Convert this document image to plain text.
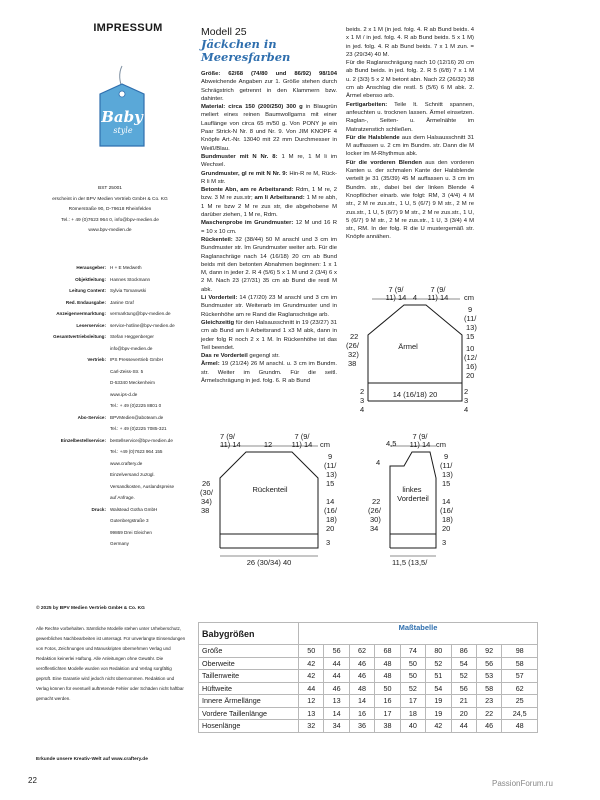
IMPRESSUM
Baby
style
BST 25001
erscheint in der BPV Medien Vertrieb GmbH & Co. KG
Römerstraße 90, D-79618 Rheinfelden
Tel.: + 49 (0)7623 964 0, info@bpv-medien.de
www.bpv-medien.de
Herausgeber: H + E Medweth
Objektleitung: Hannes Stockmann
Leitung Content: Sylvia Tomanwski
Red. Endausgabe: Janine Graf
Anzeigenvermarktung: vermarktung@bpv-medien.de
Leserservice: service-hotline@bpv-medien.de
Gesamtvertriebsleitung: Stefan Heggenberger
info@bpv-medien.de
Vertrieb: IPS Pressevertrieb GmbH
Carl-Zeiss-Str. 5
D-53340 Meckenheim
www.ips-d.de
Tel.: + 49 (0)2225 8801 0
Abo-Service: BPVMedien@aboteam.de
Tel.: + 49 (0)2225 7085-321
Einzelbestellservice: bestellservice@bpv-medien.de
Tel.: +49 (0)7623 964 155
www.craftery.de
Einzelversand zuzügl.
Versandkosten, Auslandspreise
auf Anfrage.
Druck: Walstead Gotha GmbH
Gutenbergstraße 3
99869 Drei Gleichen
Germany
© 2025 by BPV Medien Vertrieb GmbH & Co. KG
Alle Rechte vorbehalten. Sämtliche Modelle stehen unter Urheberschutz, gewerbliches Nachbearbeiten ist untersagt. Für unverlangte Einsendungen von Fotos, Zeichnungen und Manuskripten übernehmen Verlag und Redaktion keinerlei Haftung. Alle Anleitungen ohne Gewähr. Die veröffentlichten Modelle wurden von Redaktion und Verlag sorgfältig geprüft. Eine Garantie wird jedoch nicht übernommen. Redaktion und Verlag können für eventuell auftretende Fehler oder Schäden nicht haftbar gemacht werden.
Erkunde unsere Kreativ-Welt auf www.craftery.de
22
Modell 25
Jäckchen in Meeresfarben

Größe: 62/68 (74/80 und 86/92) 98/104 Abweichende Angaben zur 1. Größe stehen durch Schrägstrich getrennt in den Klammern bzw. dahinter.

Material: circa 150 (200/250) 300 g in Blaugrün meliert eines reinen Baumwollgarns mit einer Lauflänge von circa 65 m/50 g. Von PONY je ein Paar Strick-N Nr. 8 und Nr. 9. Von JIM KNOPF 4 Knöpfe Art.-Nr. 13040 mit 22 mm Durchmesser in Weiß/Blau.

Bundmuster mit N Nr. 8: 1 M re, 1 M li im Wechsel.

Grundmuster, gl re mit N Nr. 9: Hin-R re M, Rück-R li M str.

Betonte Abn, am re Arbeitsrand: Rdm, 1 M re, 2 bzw. 3 M re zus.str; am li Arbeitsrand: 1 M re abh, 1 M re bzw 2 M re zus str, die abgehobene M darüber ziehen, 1 M re, Rdm.

Maschenprobe im Grundmuster: 12 M und 16 R = 10 x 10 cm.

Rückenteil: 32 (38/44) 50 M anschl und 3 cm im Bundmuster str. Im Grundmuster weiter arb. Für die Raglanschräge nach 14 (16/18) 20 cm ab Bund beids mit den betonten Abnahmen beginnen: 1 x 1 M, dann in jeder 2. R 4 (5/6) 5 x 1 M und 2 (3/4) 6 x 2 M. Nach 23 (27/31) 35 cm ab Bund die restl M abk.

Li Vorderteil: 14 (17/20) 23 M anschl und 3 cm im Bundmuster str. Weiterarb im Grundmuster und in Rückenhöhe am re Rand die Raglanschräge arb.

Gleichzeitig für den Halsausschnitt in 19 (23/27) 31 cm ab Bund am li Arbeitsrand 1 x3 M abk, dann in jeder folg R noch 2 x 1 M. In Rückenhöhe ist das Teil beendet.

Das re Vorderteil gegengl str.

Ärmel: 19 (21/24) 26 M anschl. u. 3 cm im Bundm. str. Weiter im Grundm. Für die seitl. Ärmelschrägung in jed. folg. 6. R ab Bund

beids. 2 x 1 M (in jed. folg. 4. R ab Bund beids. 4 x 1 M / in jed. folg. 4. R ab Bund beids. 5 x 1 M) in jed. folg. 4. R ab Bund beids. 7 x 1 M zun. = 23 (29/34) 40 M.

Für die Raglanschrägung nach 10 (12/16) 20 cm ab Bund beids. in jed. folg. 2. R 5 (6/8) 7 x 1 M u. 2 (3/3) 5 x 2 M betont abn. Nach 22 (26/32) 38 cm ab Anschlag die restl. 5 (5/6) 6 M abk. 2. Ärmel ebenso arb.

Fertigarbeiten: Teile lt. Schnitt spannen, anfeuchten u. trocknen lassen. Ärmel einsetzen. Raglan-, Seiten- u. Ärmelnähte im Matratzenstich schließen.

Für die Halsblende aus dem Halsausschnitt 31 M auffassen u. 2 cm im Bundm. str. Dann die M locker im M-Rhythmus abk.

Für die vorderen Blenden aus den vorderen Kanten u. der schmalen Kante der Halsblende verteilt je 31 (35/39) 45 M auffassen u. 3 cm im Bundm. str., dabei bei der linken Blende 4 Knopflöcher einarb. wie folgt: RM, 3 (4/4) 4 M str., 2 M re zus.str., 1 U, 5 (6/7) 9 M str., 2 M re zus.str., 1 U, 5 (6/7) 9 M str., 2 M re zus.str., 1 U, 5 (6/7) 9 M str., 2 M re zus.str., 1 U, 3 (3/4) 4 M str., RM. In der folg. R die U mustergemäß str. Knöpfe annähen.

7 (9/
11) 14 4
7 (9/
11) 14 cm
9
(11/
13)
15
10
(12/
16)
20
22
(26/
32)
38
Ärmel
14 (16/18) 20
2
3
4
2
3
4
7 (9/
11) 14	12
7 (9/
11) 14 cm
9
(11/
13)
15
14
(16/
18)
20
3
26
(30/
34)
38
Rückenteil
26 (30/34) 40
4,5
7 (9/
11) 14 cm
4
9
(11/
13)
15
14
(16/
18)
20
3
22
(26/
30)
34
linkes Vorderteil
11,5 (13,5/
Babygrößen	Maßtabelle								
Größe	50	56	62	68	74	80	86	92	98
Oberweite	42	44	46	48	50	52	54	56	58
Taillenweite	42	44	46	48	50	51	52	53	57
Hüftweite	44	46	48	50	52	54	56	58	62
Innere Ärmellänge	12	13	14	16	17	19	21	23	25
Vordere Taillenlänge	13	14	16	17	18	19	20	22	24,5
Hosenlänge	32	34	36	38	40	42	44	46	48
PassionForum.ru
